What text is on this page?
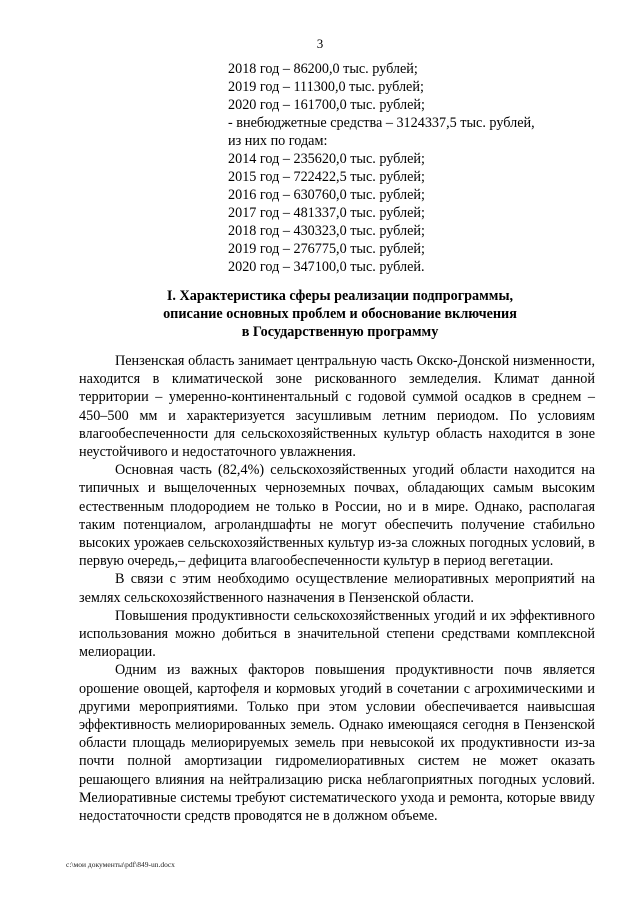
3
2018 год – 86200,0 тыс. рублей;
2019 год – 111300,0 тыс. рублей;
2020 год – 161700,0 тыс. рублей;
- внебюджетные средства – 3124337,5 тыс. рублей,
из них по годам:
2014 год – 235620,0 тыс. рублей;
2015 год – 722422,5 тыс. рублей;
2016 год – 630760,0 тыс. рублей;
2017 год – 481337,0 тыс. рублей;
2018 год – 430323,0 тыс. рублей;
2019 год – 276775,0 тыс. рублей;
2020 год – 347100,0 тыс. рублей.
I. Характеристика сферы реализации подпрограммы,
описание основных проблем и обоснование включения
в Государственную программу

Пензенская область занимает центральную часть Окско-Донской низменности, находится в климатической зоне рискованного земледелия. Климат данной территории – умеренно-континентальный с годовой суммой осадков в среднем – 450–500 мм и характеризуется засушливым летним периодом. По условиям влагообеспеченности для сельскохозяйственных культур область находится в зоне неустойчивого и недостаточного увлажнения.

Основная часть (82,4%) сельскохозяйственных угодий области находится на типичных и выщелоченных черноземных почвах, обладающих самым высоким естественным плодородием не только в России, но и в мире. Однако, располагая таким потенциалом, агроландшафты не могут обеспечить получение стабильно высоких урожаев сельскохозяйственных культур из-за сложных погодных условий, в первую очередь,– дефицита влагообеспеченности культур в период вегетации.

В связи с этим необходимо осуществление мелиоративных мероприятий на землях сельскохозяйственного назначения в Пензенской области.

Повышения продуктивности сельскохозяйственных угодий и их эффективного использования можно добиться в значительной степени средствами комплексной мелиорации.

Одним из важных факторов повышения продуктивности почв является орошение овощей, картофеля и кормовых угодий в сочетании с агрохимическими и другими мероприятиями. Только при этом условии обеспечивается наивысшая эффективность мелиорированных земель. Однако имеющаяся сегодня в Пензенской области площадь мелиорируемых земель при невысокой их продуктивности из-за почти полной амортизации гидромелиоративных систем не может оказать решающего влияния на нейтрализацию риска неблагоприятных погодных условий. Мелиоративные системы требуют систематического ухода и ремонта, которые ввиду недостаточности средств проводятся не в должном объеме.

c:\мои документы\pdf\849-un.docx
